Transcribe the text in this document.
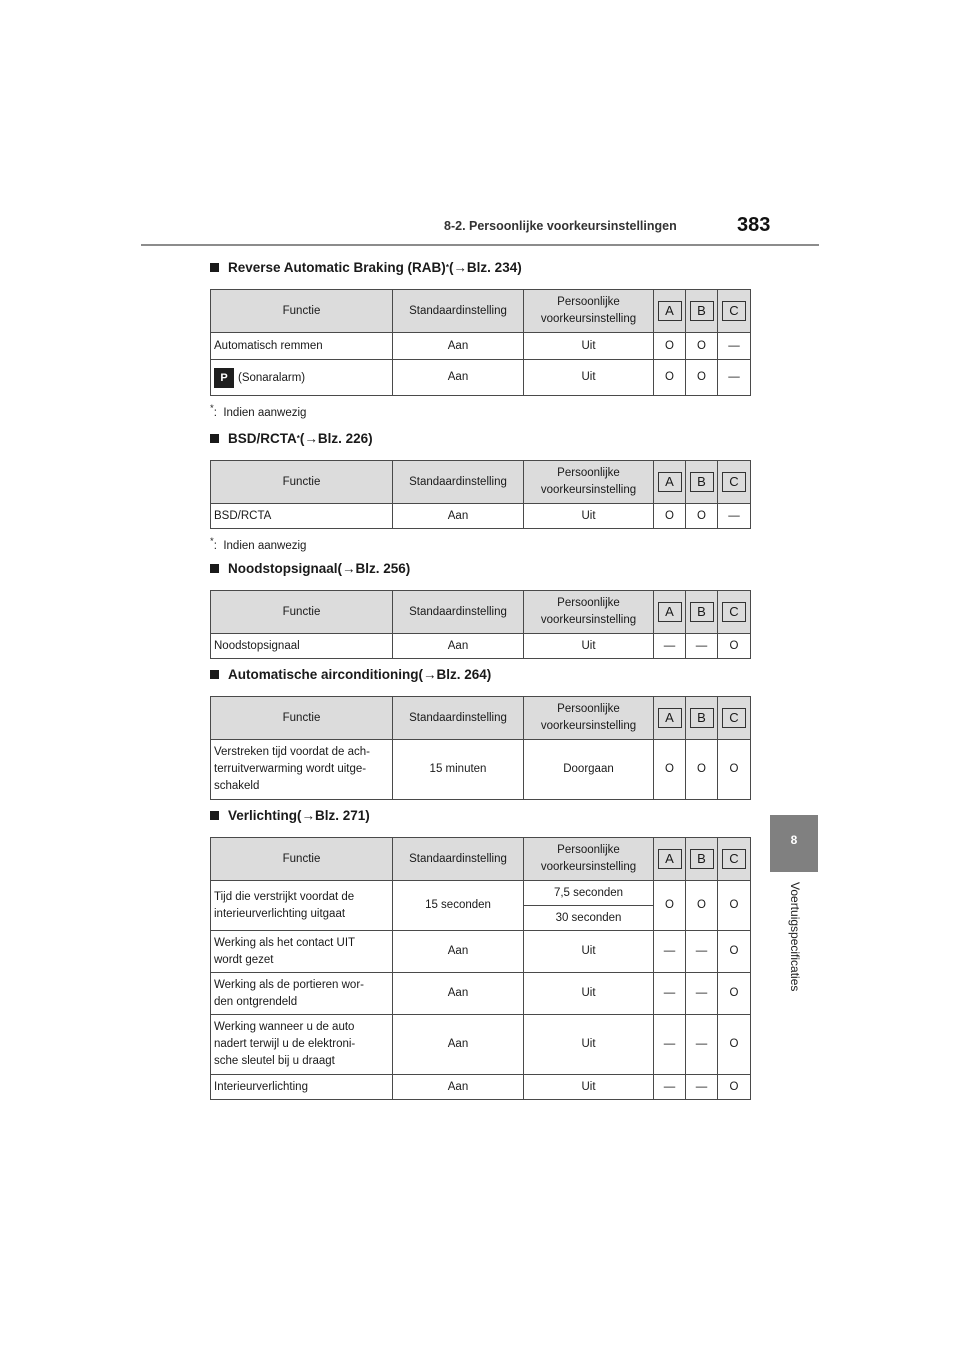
8-2. Persoonlijke voorkeursinstellingen	383
8
Voertuigspecificaties
Reverse Automatic Braking (RAB) * (→Blz. 234)
Functie	Standaardinstelling	Persoonlijke voorkeursinstelling	A	B	C
Automatisch remmen	Aan	Uit	O	O	—
P (Sonaralarm)	Aan	Uit	O	O	—
*:  Indien aanwezig
BSD/RCTA * (→Blz. 226)
Functie	Standaardinstelling	Persoonlijke voorkeursinstelling	A	B	C
BSD/RCTA	Aan	Uit	O	O	—
*:  Indien aanwezig
Noodstopsignaal (→Blz. 256)
Functie	Standaardinstelling	Persoonlijke voorkeursinstelling	A	B	C
Noodstopsignaal	Aan	Uit	—	—	O
Automatische airconditioning (→Blz. 264)
Functie	Standaardinstelling	Persoonlijke voorkeursinstelling	A	B	C
Verstreken tijd voordat de ach-
terruitverwarming wordt uitge-
schakeld	15 minuten	Doorgaan	O	O	O
Verlichting (→Blz. 271)
Functie	Standaardinstelling	Persoonlijke voorkeursinstelling	A	B	C
Tijd die verstrijkt voordat de
interieurverlichting uitgaat	15 seconden	7,5 seconden	O	O	O
		30 seconden			
Werking als het contact UIT
wordt gezet	Aan	Uit	—	—	O
Werking als de portieren wor-
den ontgrendeld	Aan	Uit	—	—	O
Werking wanneer u de auto
nadert terwijl u de elektroni-
sche sleutel bij u draagt	Aan	Uit	—	—	O
Interieurverlichting	Aan	Uit	—	—	O
